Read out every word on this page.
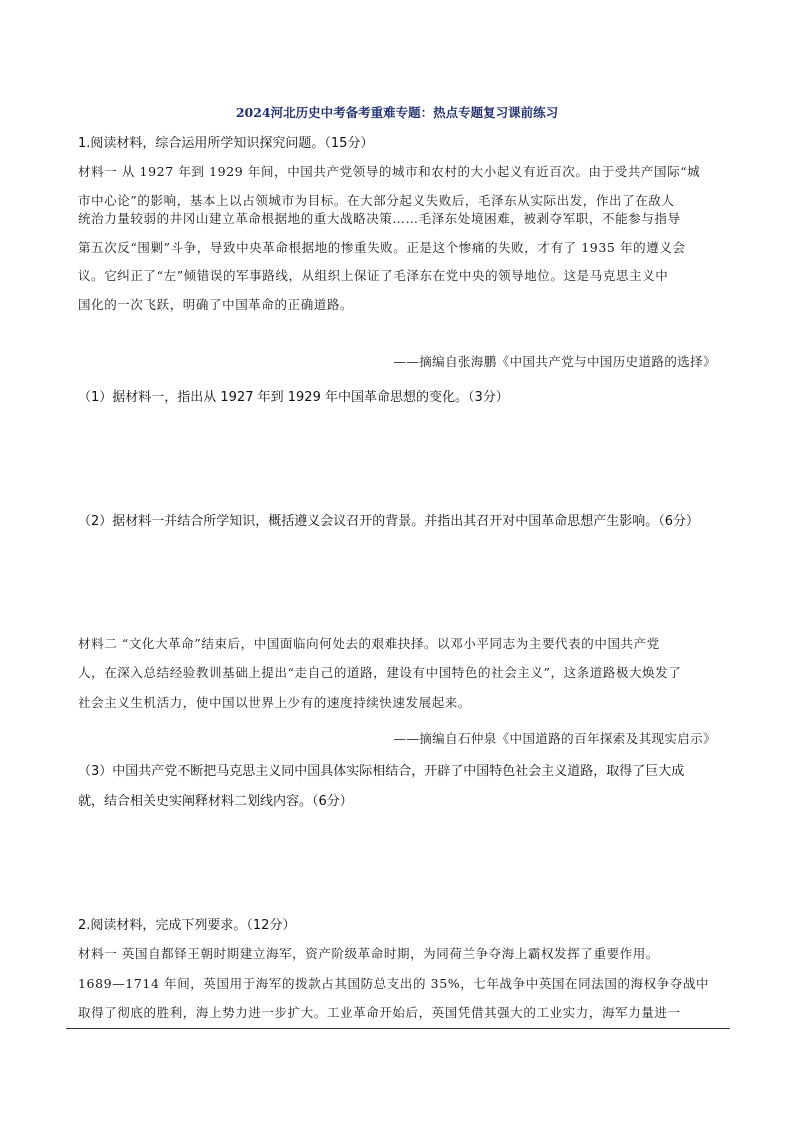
2024河北历史中考备考重难专题：热点专题复习课前练习
1.阅读材料，综合运用所学知识探究问题。（15分）
材料一 从 1927 年到 1929 年间，中国共产党领导的城市和农村的大小起义有近百次。由于受共产国际“城
市中心论”的影响，基本上以占领城市为目标。在大部分起义失败后，毛泽东从实际出发，作出了在敌人
统治力量较弱的井冈山建立革命根据地的重大战略决策……毛泽东处境困难，被剥夺军职，不能参与指导
第五次反“围剿”斗争，导致中央革命根据地的惨重失败。正是这个惨痛的失败，才有了 1935 年的遵义会
议。它纠正了“左”倾错误的军事路线，从组织上保证了毛泽东在党中央的领导地位。这是马克思主义中
国化的一次飞跃，明确了中国革命的正确道路。
——摘编自张海鹏《中国共产党与中国历史道路的选择》
（1）据材料一，指出从 1927 年到 1929 年中国革命思想的变化。（3分）
（2）据材料一并结合所学知识，概括遵义会议召开的背景。并指出其召开对中国革命思想产生影响。（6分）
材料二 “文化大革命”结束后，中国面临向何处去的艰难抉择。以邓小平同志为主要代表的中国共产党
人，在深入总结经验教训基础上提出“走自己的道路，建设有中国特色的社会主义”，这条道路极大焕发了
社会主义生机活力，使中国以世界上少有的速度持续快速发展起来。
——摘编自石仲泉《中国道路的百年探索及其现实启示》
（3）中国共产党不断把马克思主义同中国具体实际相结合，开辟了中国特色社会主义道路，取得了巨大成
就，结合相关史实阐释材料二划线内容。（6分）
2.阅读材料，完成下列要求。（12分）
材料一 英国自都铎王朝时期建立海军，资产阶级革命时期，为同荷兰争夺海上霸权发挥了重要作用。
1689—1714 年间，英国用于海军的拨款占其国防总支出的 35%，七年战争中英国在同法国的海权争夺战中
取得了彻底的胜利，海上势力进一步扩大。工业革命开始后，英国凭借其强大的工业实力，海军力量进一
